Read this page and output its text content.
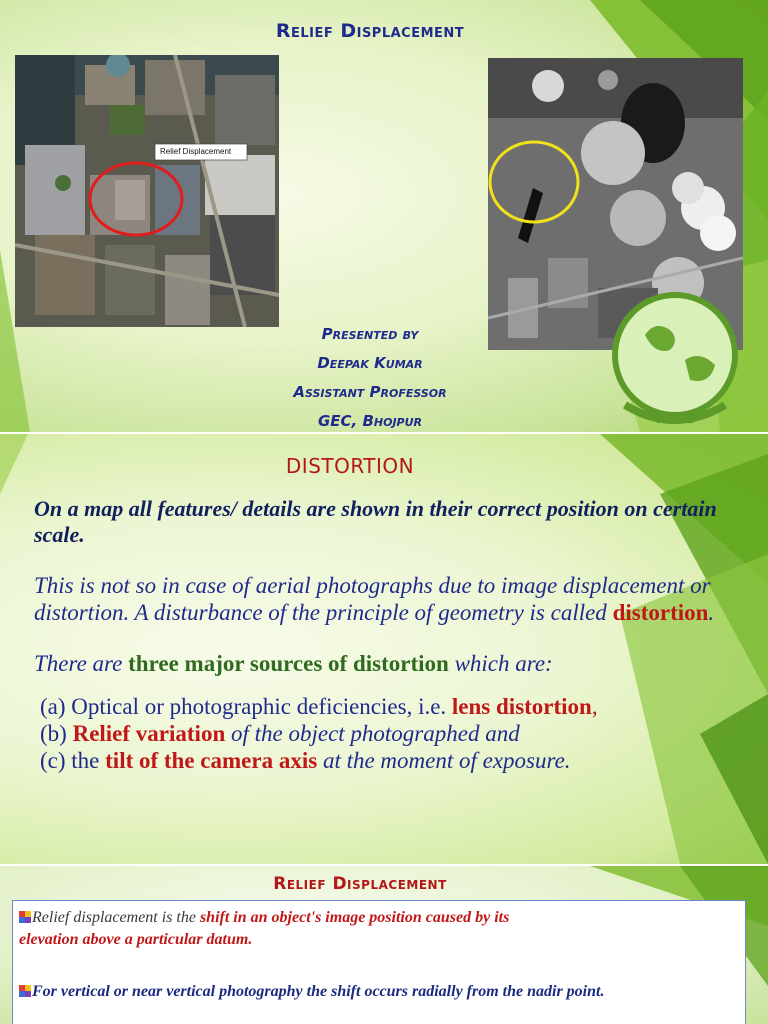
Relief Displacement
Relief Displacement
Presented by
Deepak Kumar
Assistant Professor
GEC, Bhojpur
DISTORTION
On a map all features/ details are shown in their correct position on certain scale.
This is not so in case of aerial photographs due to image displacement or distortion. A disturbance of the principle of geometry is called distortion.
There are three major sources of distortion which are:
(a) Optical or photographic deficiencies, i.e. lens distortion,
(b) Relief variation of the object photographed and
(c) the tilt of the camera axis at the moment of exposure.
Relief Displacement
Relief displacement is the shift in an object's image position caused by its
elevation above a particular datum.
For vertical or near vertical photography the shift occurs radially from the nadir point.
